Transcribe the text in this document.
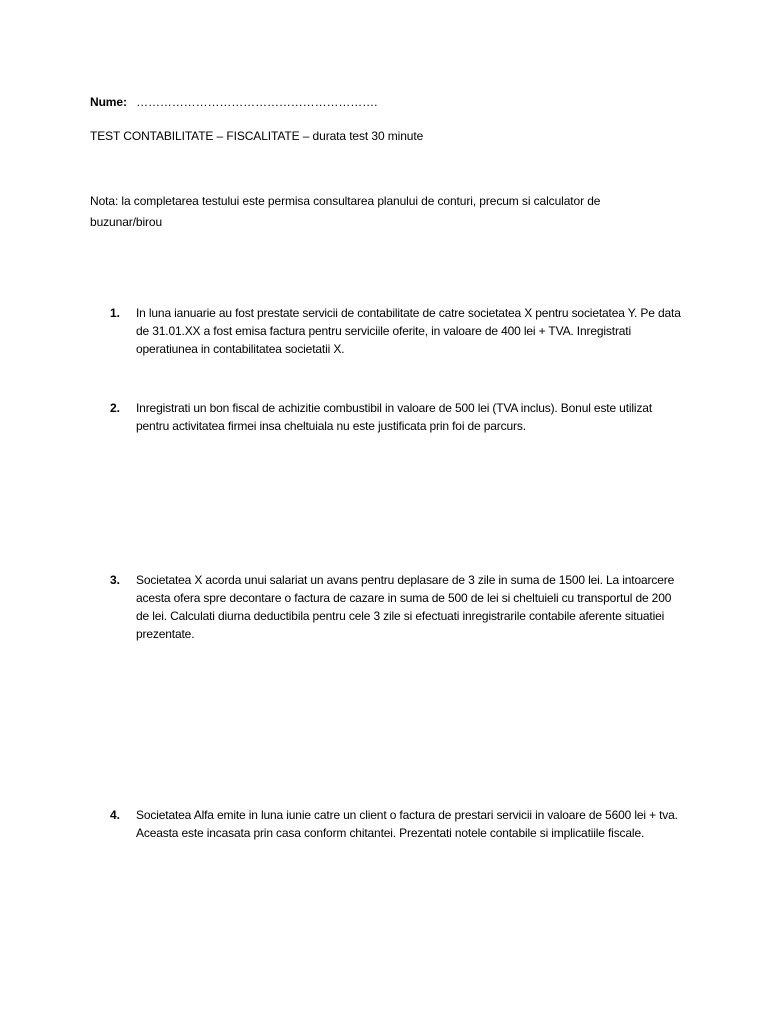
Nume: …………………………………………………….
TEST CONTABILITATE – FISCALITATE – durata test 30 minute
Nota: la completarea testului este permisa consultarea planului de conturi, precum si calculator de buzunar/birou
1. In luna ianuarie au fost prestate servicii de contabilitate de catre societatea X pentru societatea Y. Pe data de 31.01.XX a fost emisa factura pentru serviciile oferite, in valoare de 400 lei + TVA. Inregistrati operatiunea in contabilitatea societatii X.
2. Inregistrati un bon fiscal de achizitie combustibil in valoare de 500 lei (TVA inclus). Bonul este utilizat pentru activitatea firmei insa cheltuiala nu este justificata prin foi de parcurs.
3. Societatea X acorda unui salariat un avans pentru deplasare de 3 zile in suma de 1500 lei. La intoarcere acesta ofera spre decontare o factura de cazare in suma de 500 de lei si cheltuieli cu transportul de 200 de lei. Calculati diurna deductibila pentru cele 3 zile si efectuati inregistrarile contabile aferente situatiei prezentate.
4. Societatea Alfa emite in luna iunie catre un client o factura de prestari servicii in valoare de 5600 lei + tva. Aceasta este incasata prin casa conform chitantei. Prezentati notele contabile si implicatiile fiscale.
